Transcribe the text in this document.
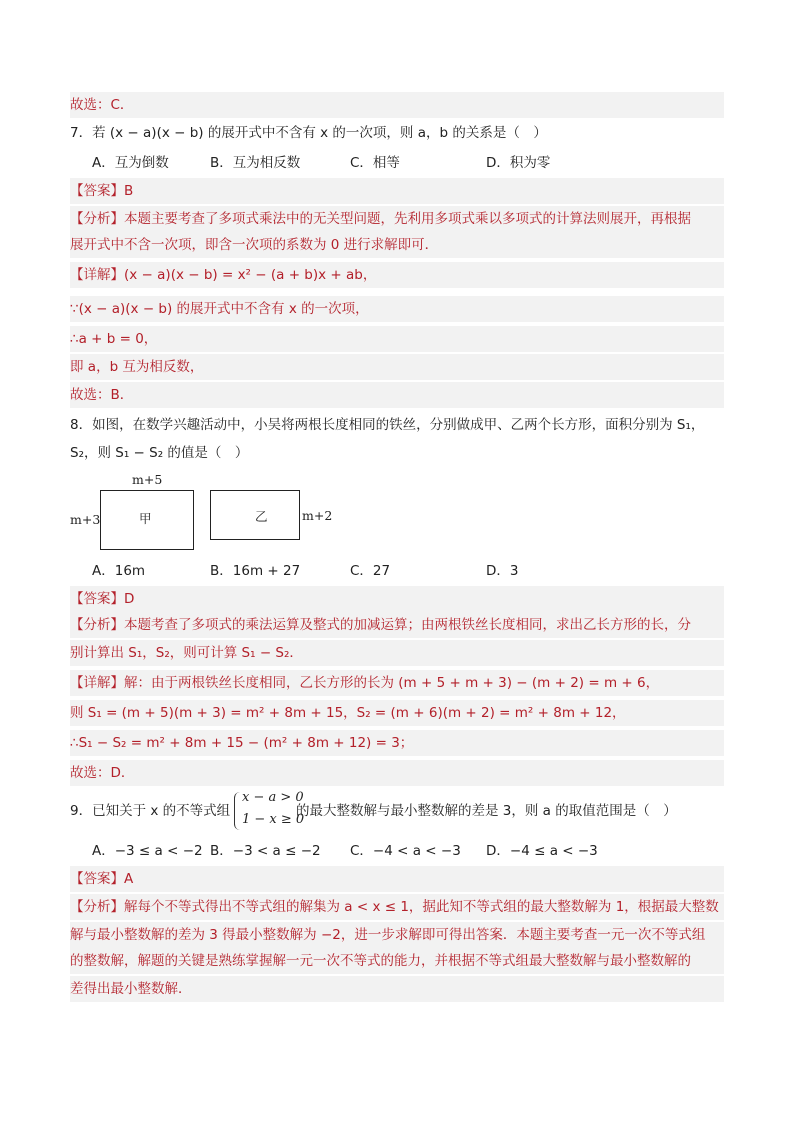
故选：C．
7．若 (x − a)(x − b) 的展开式中不含有 x 的一次项，则 a，b 的关系是（　）
A．互为倒数	B．互为相反数	C．相等	D．积为零
【答案】B
【分析】本题主要考查了多项式乘法中的无关型问题，先利用多项式乘以多项式的计算法则展开，再根据
展开式中不含一次项，即含一次项的系数为 0 进行求解即可．
【详解】(x − a)(x − b) = x² − (a + b)x + ab，
∵(x − a)(x − b) 的展开式中不含有 x 的一次项，
∴a + b = 0，
即 a，b 互为相反数，
故选：B．
8．如图，在数学兴趣活动中，小吴将两根长度相同的铁丝，分别做成甲、乙两个长方形，面积分别为 S₁，
S₂，则 S₁ − S₂ 的值是（　）
m+5
m+3	甲	乙	m+2
A．16m	B．16m + 27	C．27	D．3
【答案】D
【分析】本题考查了多项式的乘法运算及整式的加减运算；由两根铁丝长度相同，求出乙长方形的长，分
别计算出 S₁，S₂，则可计算 S₁ − S₂．
【详解】解：由于两根铁丝长度相同，乙长方形的长为 (m + 5 + m + 3) − (m + 2) = m + 6，
则 S₁ = (m + 5)(m + 3) = m² + 8m + 15，S₂ = (m + 6)(m + 2) = m² + 8m + 12，
∴S₁ − S₂ = m² + 8m + 15 − (m² + 8m + 12) = 3；
故选：D．
9．已知关于 x 的不等式组	的最大整数解与最小整数解的差是 3，则 a 的取值范围是（　）
x − a > 0
1 − x ≥ 0
A．−3 ≤ a < −2 B．−3 < a ≤ −2 C．−4 < a < −3 D．−4 ≤ a < −3
【答案】A
【分析】解每个不等式得出不等式组的解集为 a < x ≤ 1，据此知不等式组的最大整数解为 1，根据最大整数
解与最小整数解的差为 3 得最小整数解为 −2，进一步求解即可得出答案．本题主要考查一元一次不等式组
的整数解，解题的关键是熟练掌握解一元一次不等式的能力，并根据不等式组最大整数解与最小整数解的
差得出最小整数解．
